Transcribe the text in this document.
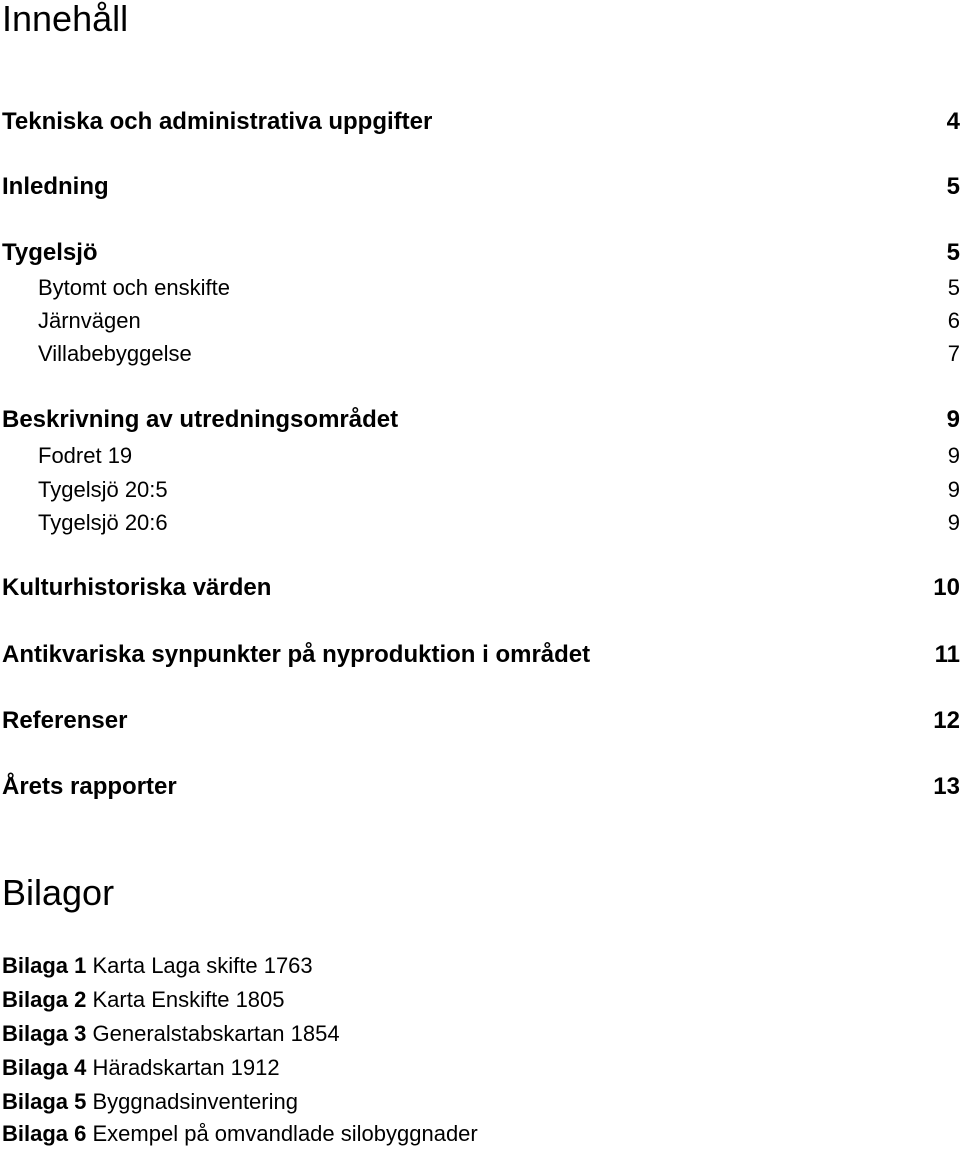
Innehåll
Tekniska och administrativa uppgifter	4
Inledning	5
Tygelsjö	5
Bytomt och enskifte	5
Järnvägen	6
Villabebyggelse	7
Beskrivning av utredningsområdet	9
Fodret 19	9
Tygelsjö 20:5	9
Tygelsjö 20:6	9
Kulturhistoriska värden	10
Antikvariska synpunkter på nyproduktion i området	11
Referenser	12
Årets rapporter	13
Bilagor
Bilaga 1 Karta Laga skifte 1763
Bilaga 2 Karta Enskifte 1805
Bilaga 3 Generalstabskartan 1854
Bilaga 4 Häradskartan 1912
Bilaga 5 Byggnadsinventering
Bilaga 6 Exempel på omvandlade silobyggnader
